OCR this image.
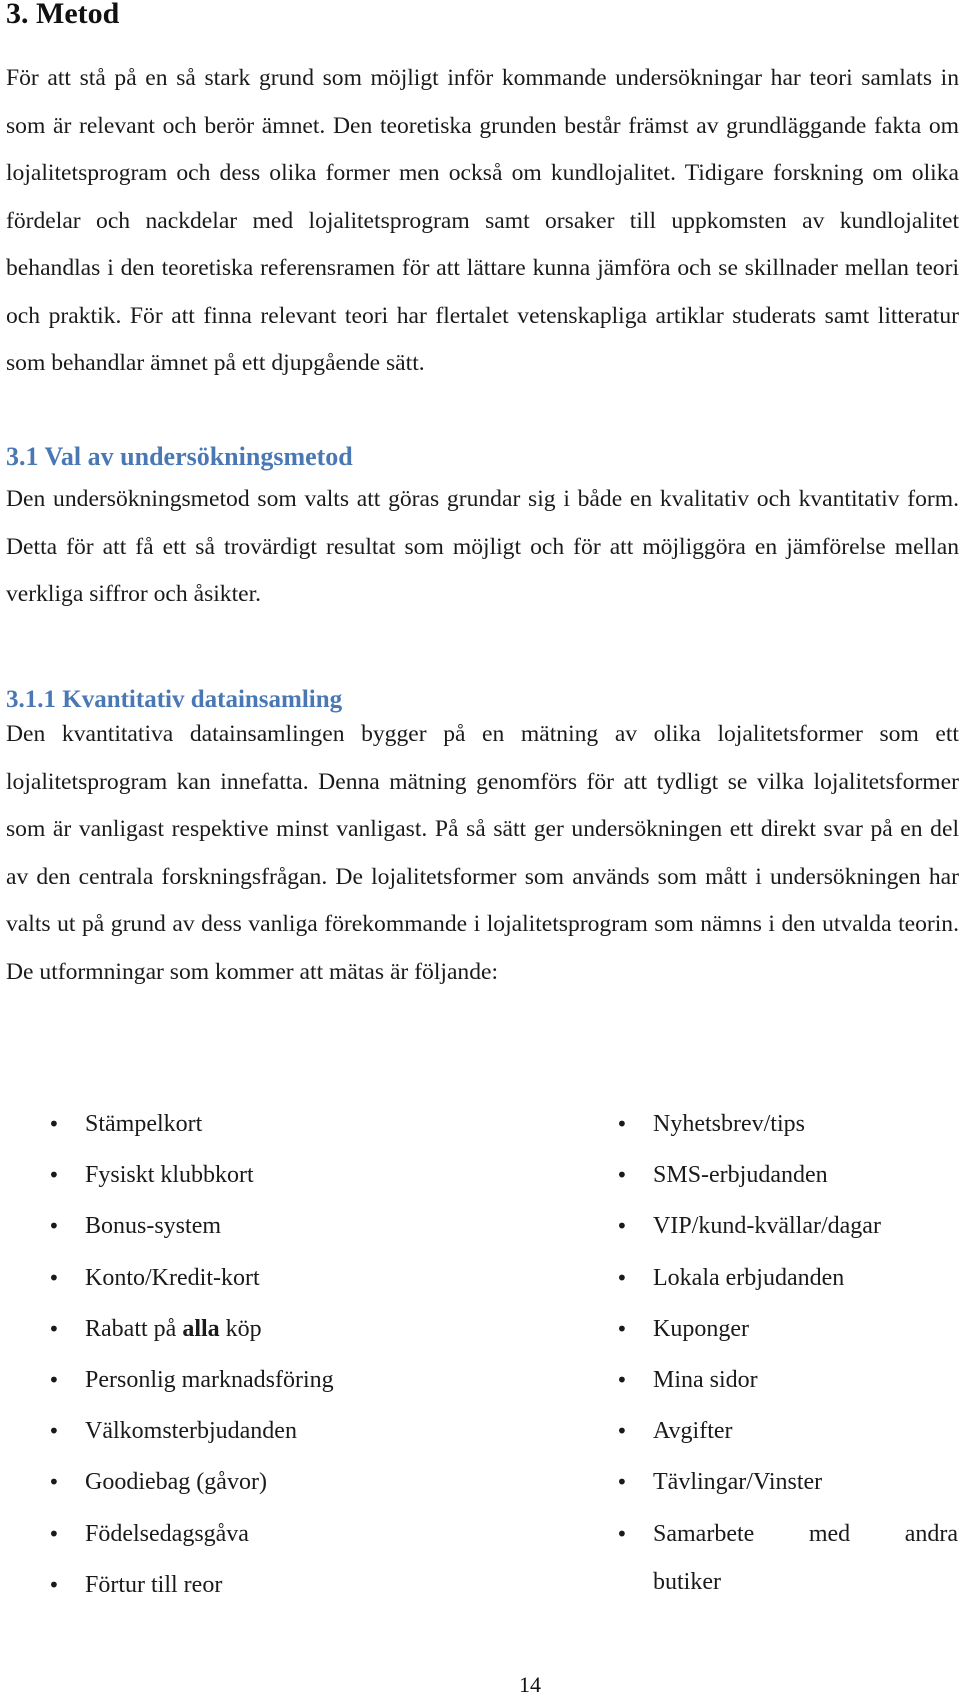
3. Metod

För att stå på en så stark grund som möjligt inför kommande undersökningar har teori samlats in som är relevant och berör ämnet. Den teoretiska grunden består främst av grundläggande fakta om lojalitetsprogram och dess olika former men också om kundlojalitet. Tidigare forskning om olika fördelar och nackdelar med lojalitetsprogram samt orsaker till uppkomsten av kundlojalitet behandlas i den teoretiska referensramen för att lättare kunna jämföra och se skillnader mellan teori och praktik. För att finna relevant teori har flertalet vetenskapliga artiklar studerats samt litteratur som behandlar ämnet på ett djupgående sätt.

3.1 Val av undersökningsmetod

Den undersökningsmetod som valts att göras grundar sig i både en kvalitativ och kvantitativ form. Detta för att få ett så trovärdigt resultat som möjligt och för att möjliggöra en jämförelse mellan verkliga siffror och åsikter.

3.1.1 Kvantitativ datainsamling

Den kvantitativa datainsamlingen bygger på en mätning av olika lojalitetsformer som ett lojalitetsprogram kan innefatta. Denna mätning genomförs för att tydligt se vilka lojalitetsformer som är vanligast respektive minst vanligast. På så sätt ger undersökningen ett direkt svar på en del av den centrala forskningsfrågan. De lojalitetsformer som används som mått i undersökningen har valts ut på grund av dess vanliga förekommande i lojalitetsprogram som nämns i den utvalda teorin. De utformningar som kommer att mätas är följande:

• Stämpelkort
• Fysiskt klubbkort
• Bonus-system
• Konto/Kredit-kort
• Rabatt på alla köp
• Personlig marknadsföring
• Välkomsterbjudanden
• Goodiebag (gåvor)
• Födelsedagsgåva
• Förtur till reor
• Nyhetsbrev/tips
• SMS-erbjudanden
• VIP/kund-kvällar/dagar
• Lokala erbjudanden
• Kuponger
• Mina sidor
• Avgifter
• Tävlingar/Vinster
• Samarbete med andra
butiker
14
